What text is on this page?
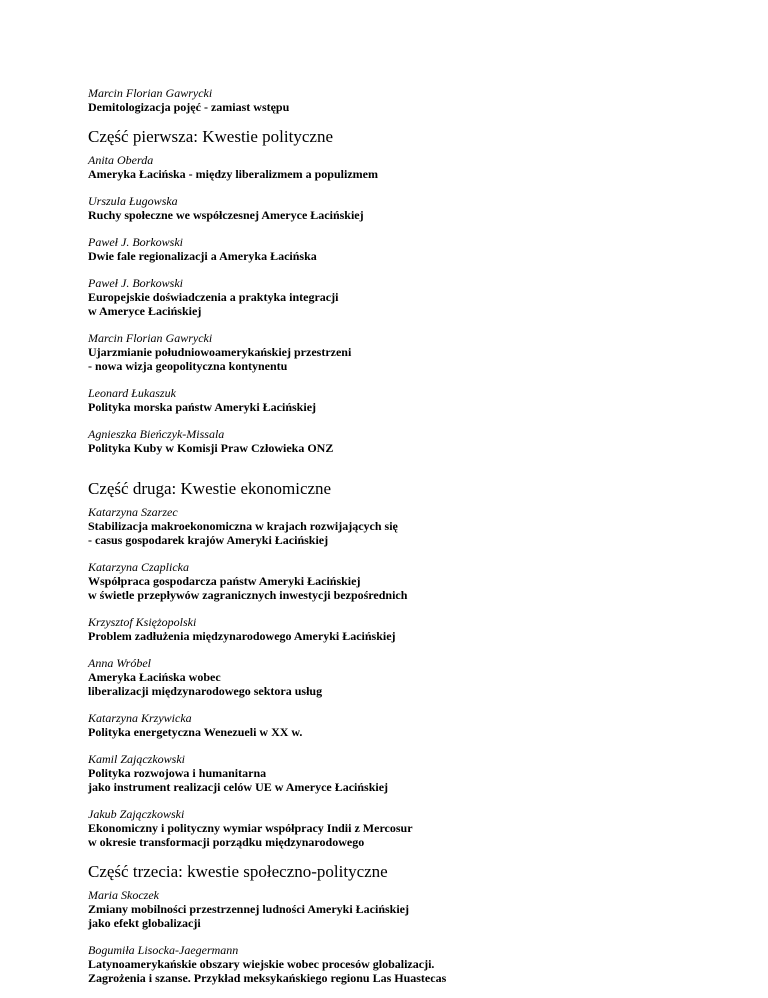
Marcin Florian Gawrycki
Demitologizacja pojęć - zamiast wstępu
Część pierwsza: Kwestie polityczne
Anita Oberda
Ameryka Łacińska - między liberalizmem a populizmem
Urszula Ługowska
Ruchy społeczne we współczesnej Ameryce Łacińskiej
Paweł J. Borkowski
Dwie fale regionalizacji a Ameryka Łacińska
Paweł J. Borkowski
Europejskie doświadczenia a praktyka integracji
w Ameryce Łacińskiej
Marcin Florian Gawrycki
Ujarzmianie południowoamerykańskiej przestrzeni
- nowa wizja geopolityczna kontynentu
Leonard Łukaszuk
Polityka morska państw Ameryki Łacińskiej
Agnieszka Bieńczyk-Missala
Polityka Kuby w Komisji Praw Człowieka ONZ
Część druga: Kwestie ekonomiczne
Katarzyna Szarzec
Stabilizacja makroekonomiczna w krajach rozwijających się
- casus gospodarek krajów Ameryki Łacińskiej
Katarzyna Czaplicka
Współpraca gospodarcza państw Ameryki Łacińskiej
w świetle przepływów zagranicznych inwestycji bezpośrednich
Krzysztof Księżopolski
Problem zadłużenia międzynarodowego Ameryki Łacińskiej
Anna Wróbel
Ameryka Łacińska wobec
liberalizacji międzynarodowego sektora usług
Katarzyna Krzywicka
Polityka energetyczna Wenezueli w XX w.
Kamil Zajączkowski
Polityka rozwojowa i humanitarna
jako instrument realizacji celów UE w Ameryce Łacińskiej
Jakub Zajączkowski
Ekonomiczny i polityczny wymiar współpracy Indii z Mercosur
w okresie transformacji porządku międzynarodowego
Część trzecia: kwestie społeczno-polityczne
Maria Skoczek
Zmiany mobilności przestrzennej ludności Ameryki Łacińskiej
jako efekt globalizacji
Bogumiła Lisocka-Jaegermann
Latynoamerykańskie obszary wiejskie wobec procesów globalizacji.
Zagrożenia i szanse. Przykład meksykańskiego regionu Las Huastecas
